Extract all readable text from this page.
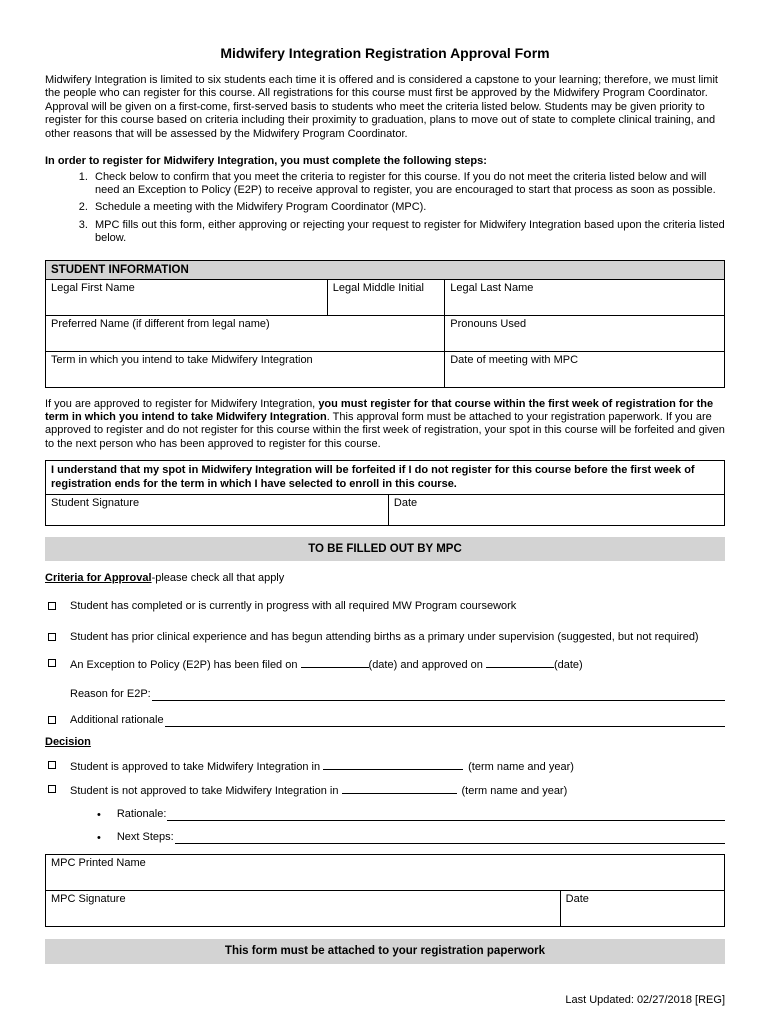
Midwifery Integration Registration Approval Form

Midwifery Integration is limited to six students each time it is offered and is considered a capstone to your learning; therefore, we must limit the people who can register for this course. All registrations for this course must first be approved by the Midwifery Program Coordinator. Approval will be given on a first-come, first-served basis to students who meet the criteria listed below. Students may be given priority to register for this course based on criteria including their proximity to graduation, plans to move out of state to complete clinical training, and other reasons that will be assessed by the Midwifery Program Coordinator.

In order to register for Midwifery Integration, you must complete the following steps:

1. Check below to confirm that you meet the criteria to register for this course. If you do not meet the criteria listed below and will need an Exception to Policy (E2P) to receive approval to register, you are encouraged to start that process as soon as possible.
2. Schedule a meeting with the Midwifery Program Coordinator (MPC).
3. MPC fills out this form, either approving or rejecting your request to register for Midwifery Integration based upon the criteria listed below.
STUDENT INFORMATION		

Legal First Name	Legal Middle Initial	Legal Last Name

Preferred Name (if different from legal name)		Pronouns Used

Term in which you intend to take Midwifery Integration		Date of meeting with MPC

If you are approved to register for Midwifery Integration, you must register for that course within the first week of registration for the term in which you intend to take Midwifery Integration. This approval form must be attached to your registration paperwork. If you are approved to register and do not register for this course within the first week of registration, your spot in this course will be forfeited and given to the next person who has been approved to register for this course.

I understand that my spot in Midwifery Integration will be forfeited if I do not register for this course before the first week of registration ends for the term in which I have selected to enroll in this course.

Student Signature	Date
TO BE FILLED OUT BY MPC

Criteria for Approval-please check all that apply

Student has completed or is currently in progress with all required MW Program coursework
Student has prior clinical experience and has begun attending births as a primary under supervision (suggested, but not required)
An Exception to Policy (E2P) has been filed on	(date) and approved on	(date)
Reason for E2P:
Additional rationale

Decision

Student is approved to take Midwifery Integration in	(term name and year)
Student is not approved to take Midwifery Integration in	(term name and year)
• Rationale:
• Next Steps:
MPC Printed Name

MPC Signature	Date
This form must be attached to your registration paperwork
Last Updated: 02/27/2018 [REG]
